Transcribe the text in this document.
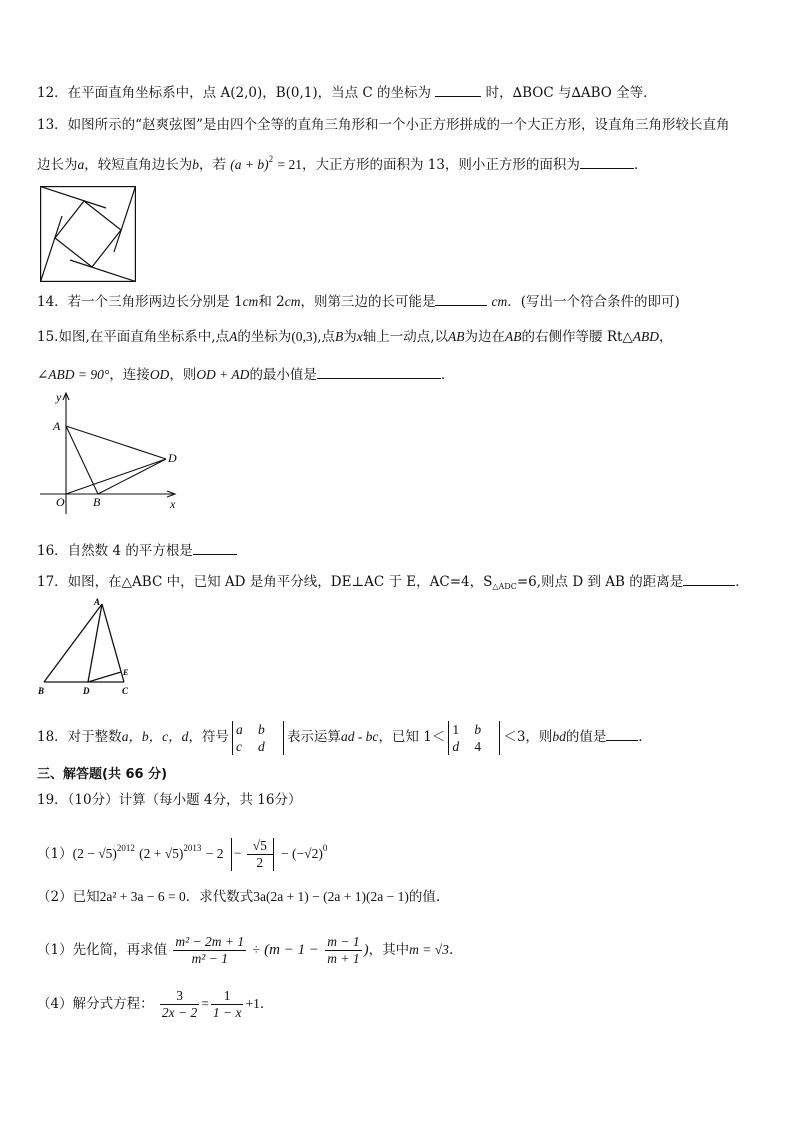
12．在平面直角坐标系中，点 A(2,0)，B(0,1)，当点 C 的坐标为	时，∆BOC 与∆ABO 全等．
13．如图所示的“赵爽弦图”是由四个全等的直角三角形和一个小正方形拼成的一个大正方形，设直角三角形较长直角
边长为a，较短直角边长为b，若 $(a + b)^2 = 21$，大正方形的面积为 13，则小正方形的面积为	．
14．若一个三角形两边长分别是 1cm和 2cm，则第三边的长可能是	cm．(写出一个符合条件的即可)
15.如图,在平面直角坐标系中,点A的坐标为(0,3),点B为x轴上一动点,以AB为边在AB的右侧作等腰 Rt△ABD，
∠ABD = 90°，连接OD，则OD + AD的最小值是	．
y
x
A
D
O B
16．自然数 4 的平方根是
17．如图，在△ABC 中，已知 AD 是角平分线，DE⊥AC 于 E，AC=4，$S_{\triangle ADC}=6$,则点 D 到 AB 的距离是	．
A
B	D	C
E
18．对于整数a，b，c，d，符号 a b
c d表示运算ad - bc，已知 1＜ 1 b
d 4＜3，则bd的值是 ．
三、解答题(共 66 分)
19．（10分）计算（每小题 4分，共 16分）
$(1)(2 - √5)^{2012}$ $(2 + √5)^{2013} - 2 - \frac{√5}{2} - (-√2)^0$
（2）已知2a² + 3a − 6 = 0．求代数式3a(2a + 1) − (2a + 1)(2a − 1)的值.
（1）先化简，再求值 $\frac{\text{m² − 2m + 1}}{\text{m² − 1}} \div (m - 1 - \frac{m - 1}{m + 1}$ )，其中m = √3.
（4）解分式方程： $\frac{3}{2x - 2} = \frac{1}{1 - x} +1$．
